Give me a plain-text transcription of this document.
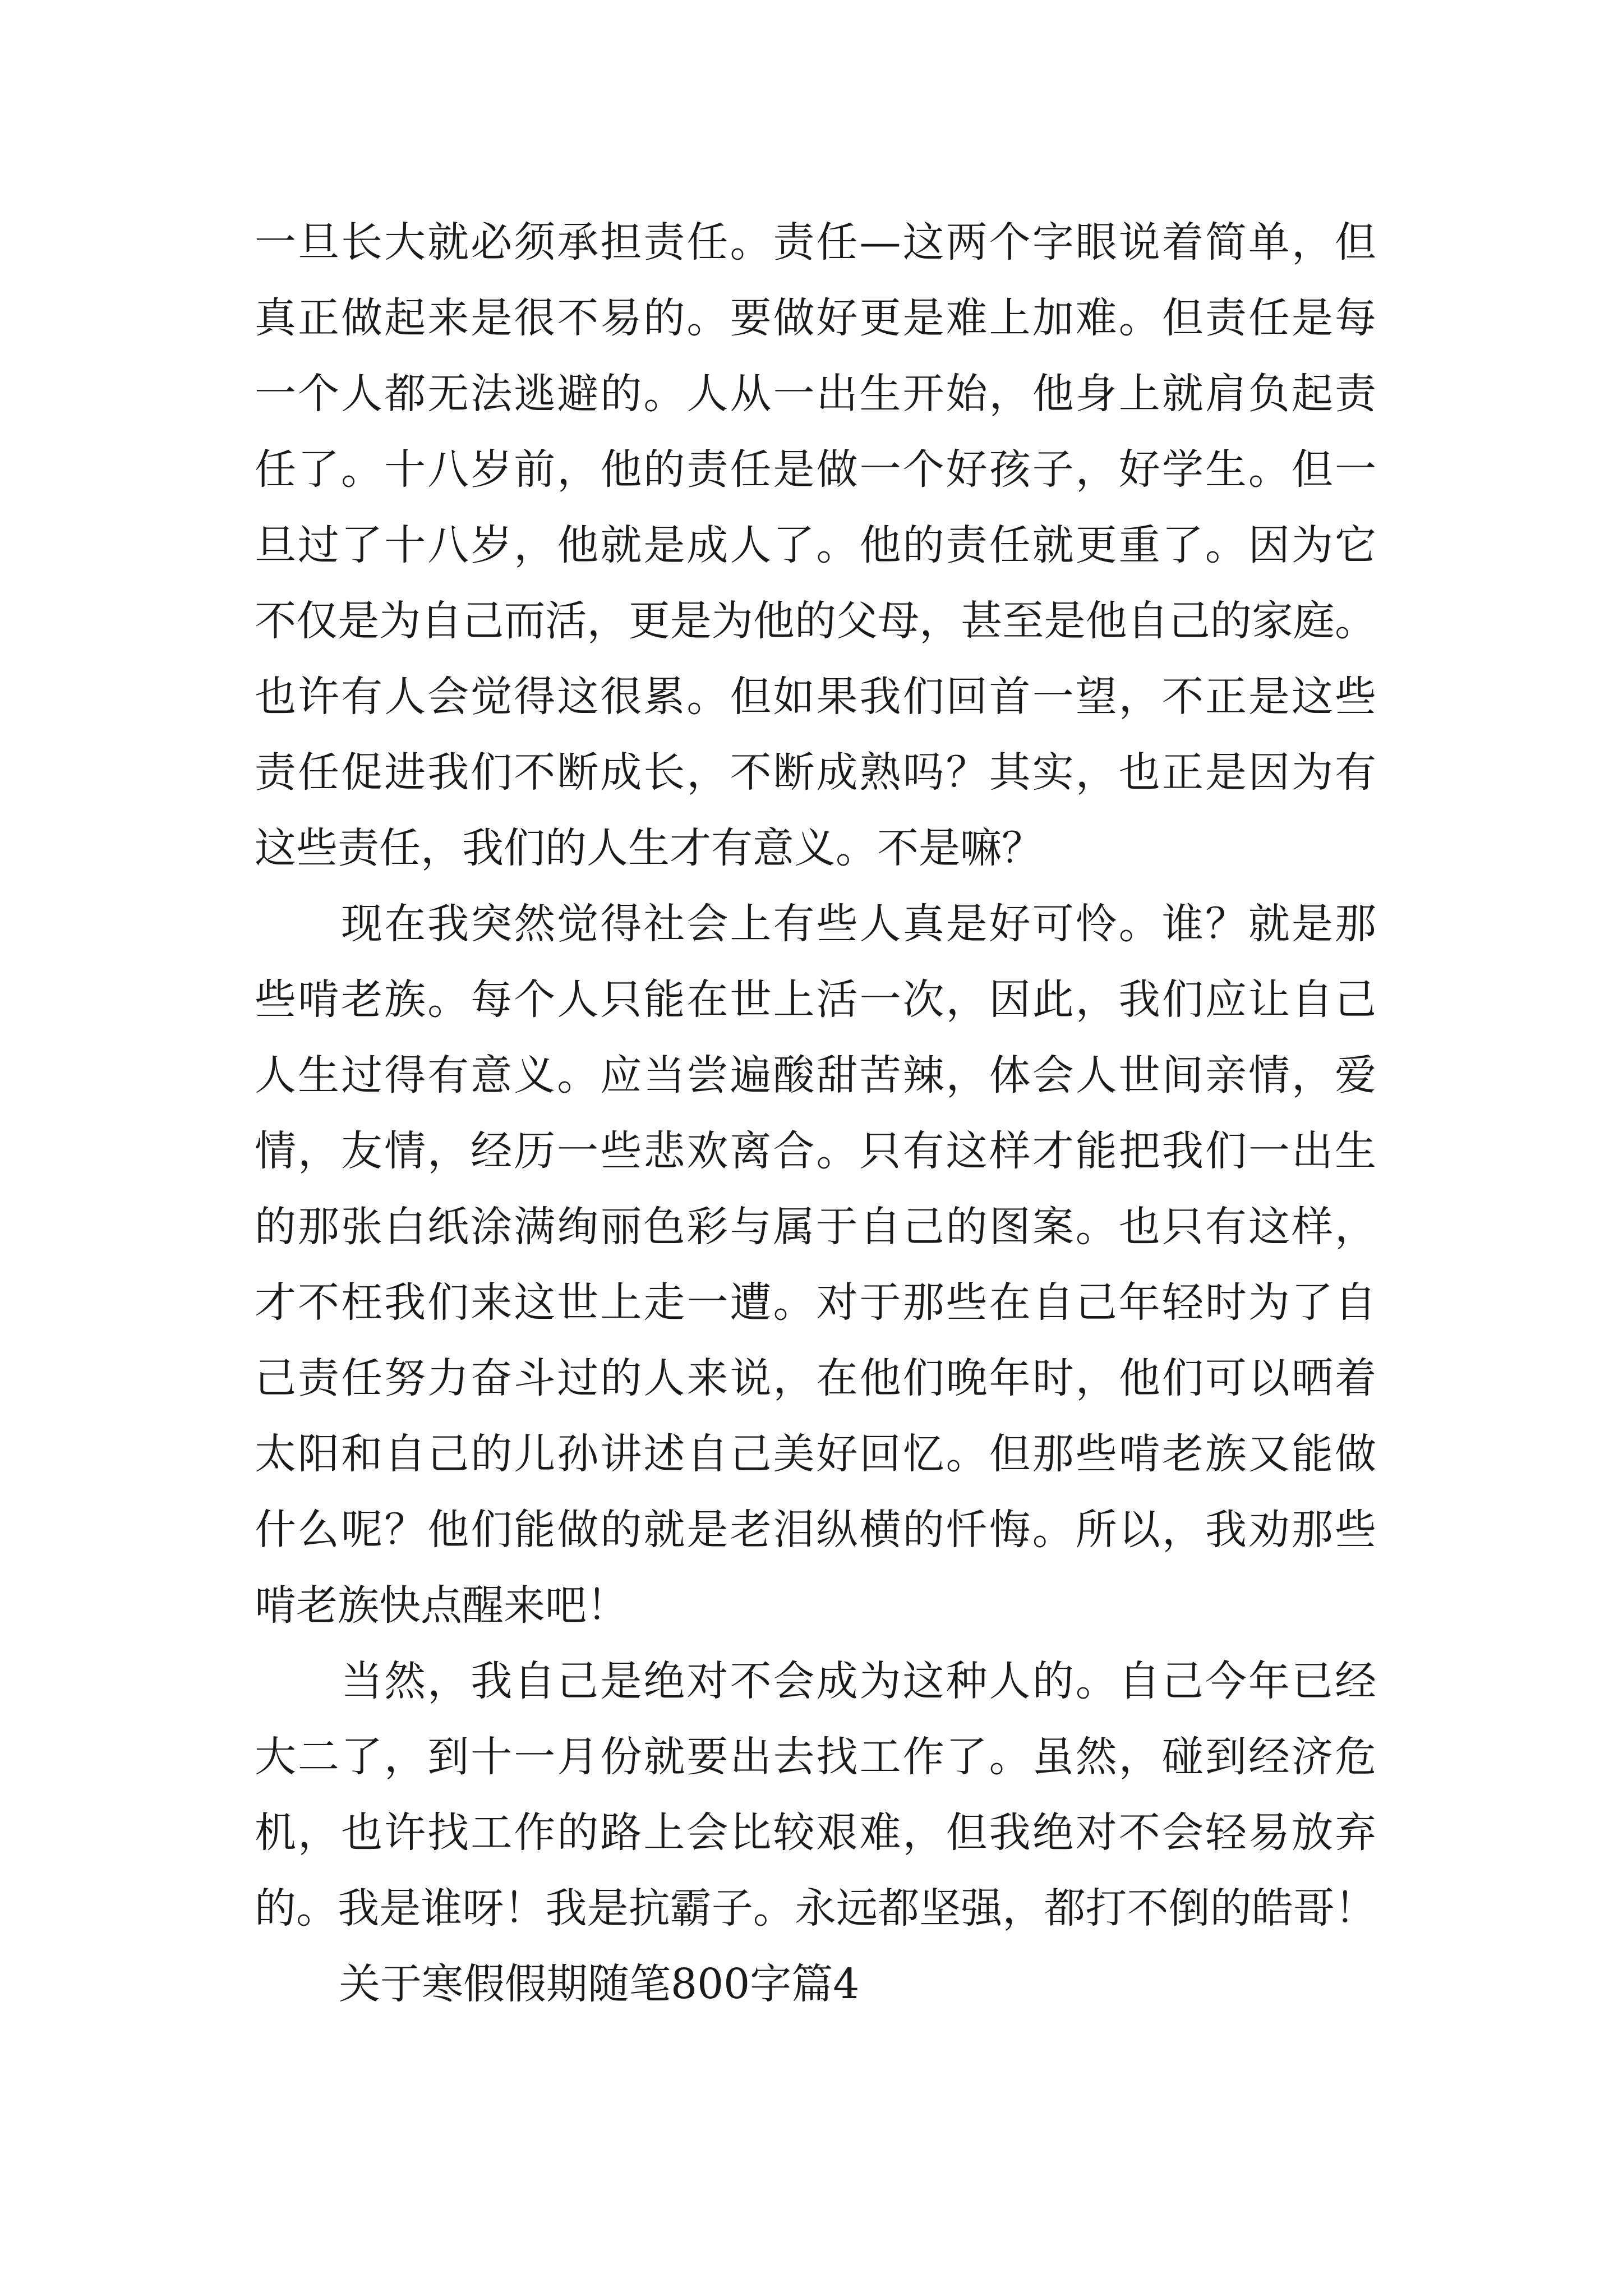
一旦长大就必须承担责任。责任—这两个字眼说着简单，但
真正做起来是很不易的。要做好更是难上加难。但责任是每
一个人都无法逃避的。人从一出生开始，他身上就肩负起责
任了。十八岁前，他的责任是做一个好孩子，好学生。但一
旦过了十八岁，他就是成人了。他的责任就更重了。因为它
不仅是为自己而活，更是为他的父母，甚至是他自己的家庭。
也许有人会觉得这很累。但如果我们回首一望，不正是这些
责任促进我们不断成长，不断成熟吗？其实，也正是因为有
这些责任，我们的人生才有意义。不是嘛？
　　现在我突然觉得社会上有些人真是好可怜。谁？就是那
些啃老族。每个人只能在世上活一次，因此，我们应让自己
人生过得有意义。应当尝遍酸甜苦辣，体会人世间亲情，爱
情，友情，经历一些悲欢离合。只有这样才能把我们一出生
的那张白纸涂满绚丽色彩与属于自己的图案。也只有这样，
才不枉我们来这世上走一遭。对于那些在自己年轻时为了自
己责任努力奋斗过的人来说，在他们晚年时，他们可以晒着
太阳和自己的儿孙讲述自己美好回忆。但那些啃老族又能做
什么呢？他们能做的就是老泪纵横的忏悔。所以，我劝那些
啃老族快点醒来吧！
　　当然，我自己是绝对不会成为这种人的。自己今年已经
大二了，到十一月份就要出去找工作了。虽然，碰到经济危
机，也许找工作的路上会比较艰难，但我绝对不会轻易放弃
的。我是谁呀！我是抗霸子。永远都坚强，都打不倒的皓哥！
关于寒假假期随笔800字篇4
